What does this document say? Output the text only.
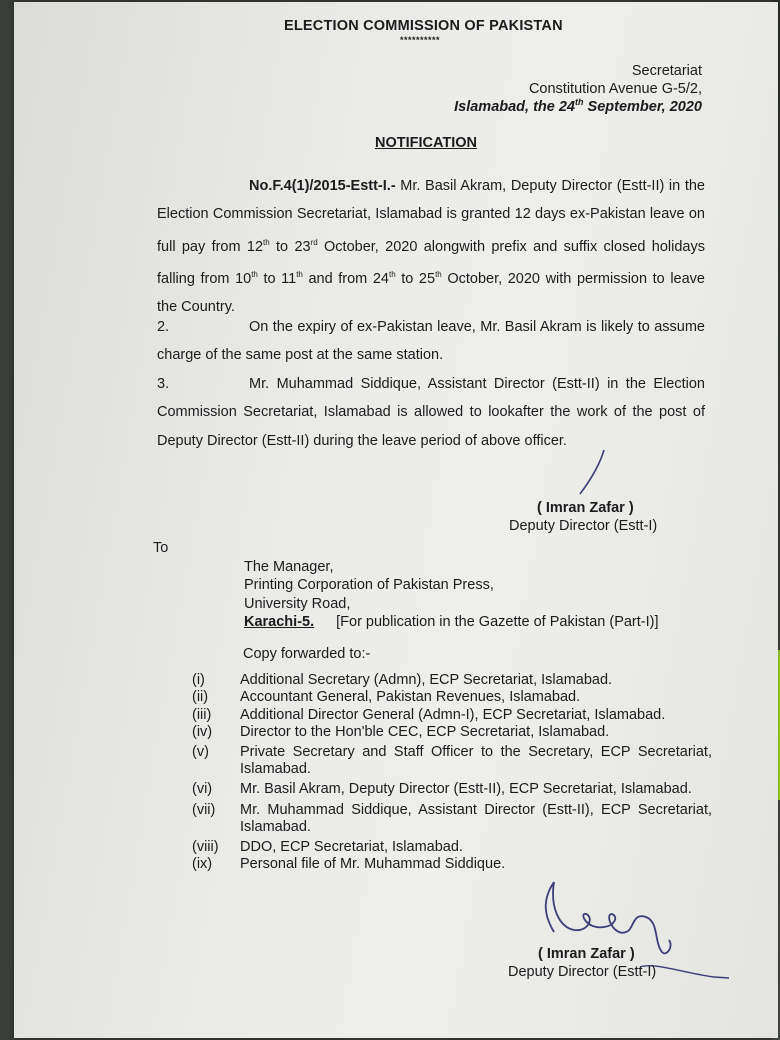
ELECTION COMMISSION OF PAKISTAN
**********
Secretariat
Constitution Avenue G-5/2,
Islamabad, the 24th September, 2020
NOTIFICATION
No.F.4(1)/2015-Estt-I.- Mr. Basil Akram, Deputy Director (Estt-II) in the Election Commission Secretariat, Islamabad is granted 12 days ex-Pakistan leave on full pay from 12th to 23rd October, 2020 alongwith prefix and suffix closed holidays falling from 10th to 11th and from 24th to 25th October, 2020 with permission to leave the Country.
2.	On the expiry of ex-Pakistan leave, Mr. Basil Akram is likely to assume charge of the same post at the same station.
3.	Mr. Muhammad Siddique, Assistant Director (Estt-II) in the Election Commission Secretariat, Islamabad is allowed to lookafter the work of the post of Deputy Director (Estt-II) during the leave period of above officer.
( Imran Zafar )
Deputy Director (Estt-I)
To
The Manager,
Printing Corporation of Pakistan Press,
University Road,
Karachi-5. [For publication in the Gazette of Pakistan (Part-I)]
Copy forwarded to:-
(i)	Additional Secretary (Admn), ECP Secretariat, Islamabad.
(ii)	Accountant General, Pakistan Revenues, Islamabad.
(iii)	Additional Director General (Admn-I), ECP Secretariat, Islamabad.
(iv)	Director to the Hon'ble CEC, ECP Secretariat, Islamabad.
(v)	Private Secretary and Staff Officer to the Secretary, ECP Secretariat, Islamabad.
(vi)	Mr. Basil Akram, Deputy Director (Estt-II), ECP Secretariat, Islamabad.
(vii)	Mr. Muhammad Siddique, Assistant Director (Estt-II), ECP Secretariat, Islamabad.
(viii)	DDO, ECP Secretariat, Islamabad.
(ix)	Personal file of Mr. Muhammad Siddique.
( Imran Zafar )
Deputy Director (Estt-I)
